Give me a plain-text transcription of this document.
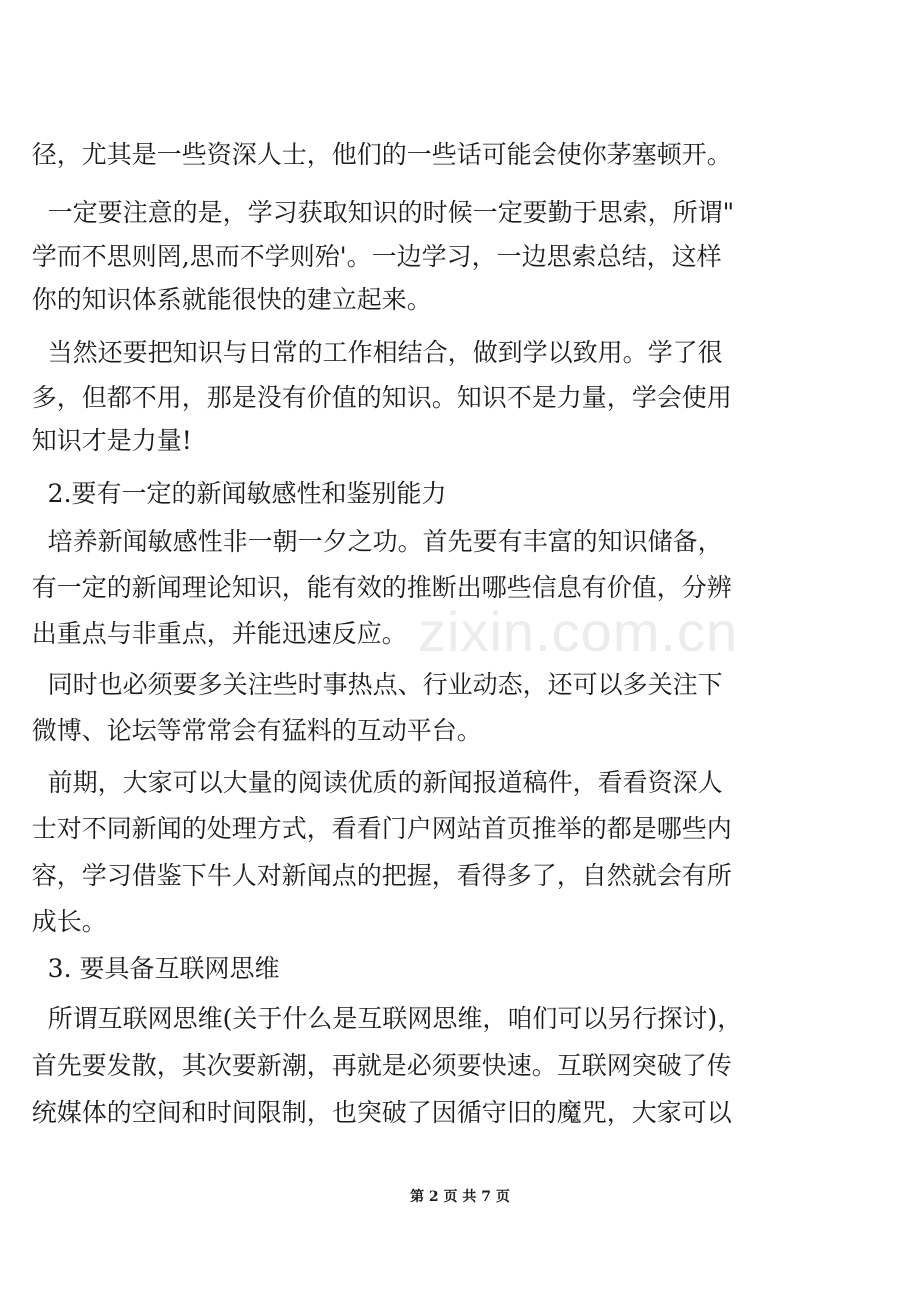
径，尤其是一些资深人士，他们的一些话可能会使你茅塞顿开。

一定要注意的是，学习获取知识的时候一定要勤于思索，所谓"

学而不思则罔,思而不学则殆'。一边学习，一边思索总结，这样

你的知识体系就能很快的建立起来。

当然还要把知识与日常的工作相结合，做到学以致用。学了很

多，但都不用，那是没有价值的知识。知识不是力量，学会使用

知识才是力量!

2.要有一定的新闻敏感性和鉴别能力

培养新闻敏感性非一朝一夕之功。首先要有丰富的知识储备，

有一定的新闻理论知识，能有效的推断出哪些信息有价值，分辨

出重点与非重点，并能迅速反应。

同时也必须要多关注些时事热点、行业动态，还可以多关注下

微博、论坛等常常会有猛料的互动平台。

前期，大家可以大量的阅读优质的新闻报道稿件，看看资深人

士对不同新闻的处理方式，看看门户网站首页推举的都是哪些内

容，学习借鉴下牛人对新闻点的把握，看得多了，自然就会有所

成长。

3. 要具备互联网思维

所谓互联网思维(关于什么是互联网思维，咱们可以另行探讨)，

首先要发散，其次要新潮，再就是必须要快速。互联网突破了传

统媒体的空间和时间限制，也突破了因循守旧的魔咒，大家可以

zixin.com.cn
第 2 页 共 7 页
